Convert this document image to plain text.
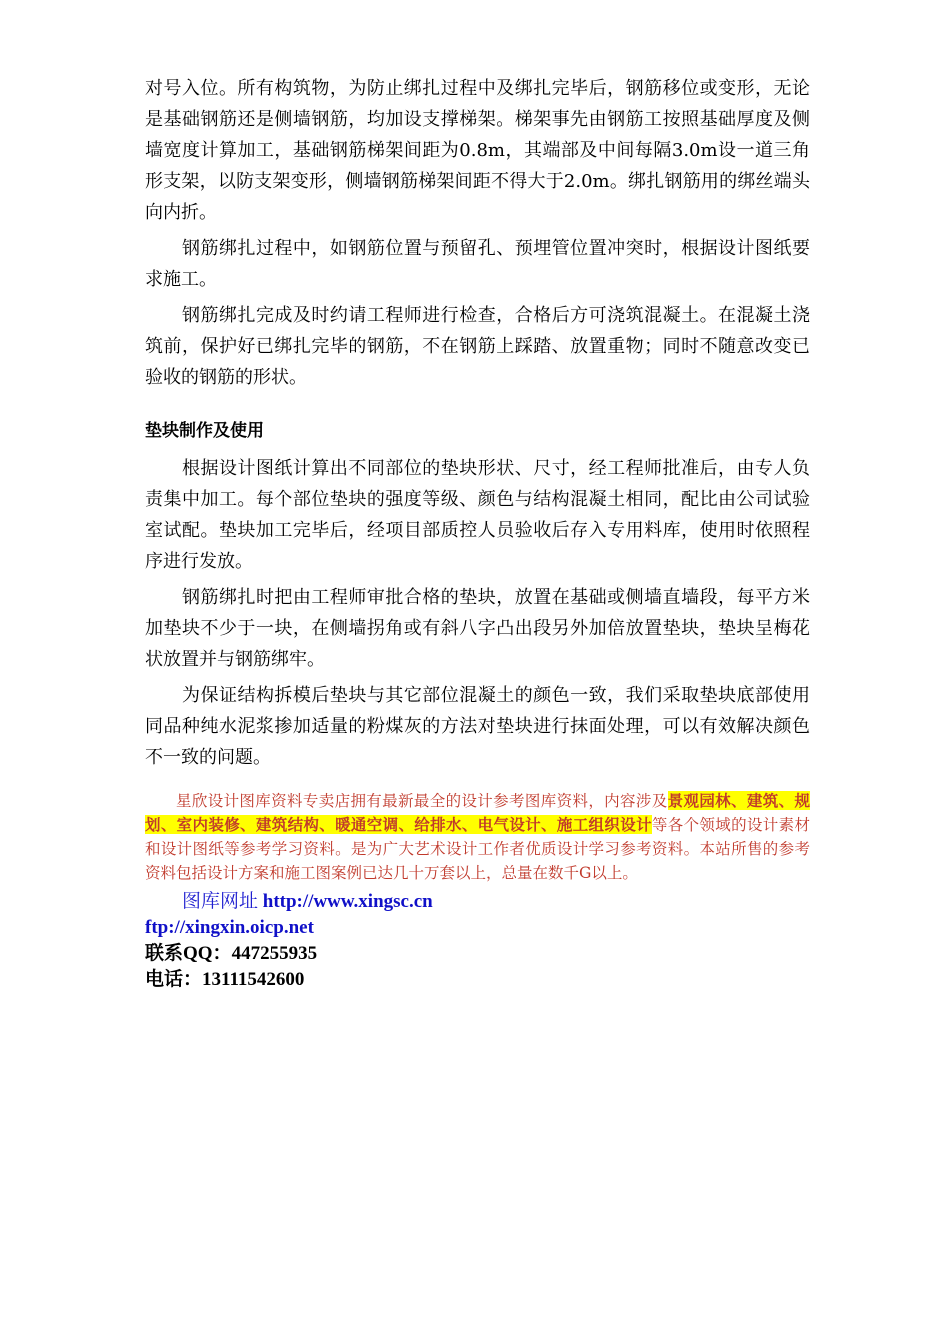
对号入位。所有构筑物，为防止绑扎过程中及绑扎完毕后，钢筋移位或变形，无论是基础钢筋还是侧墙钢筋，均加设支撑梯架。梯架事先由钢筋工按照基础厚度及侧墙宽度计算加工，基础钢筋梯架间距为0.8m，其端部及中间每隔3.0m设一道三角形支架，以防支架变形，侧墙钢筋梯架间距不得大于2.0m。绑扎钢筋用的绑丝端头向内折。

钢筋绑扎过程中，如钢筋位置与预留孔、预埋管位置冲突时，根据设计图纸要求施工。

钢筋绑扎完成及时约请工程师进行检查，合格后方可浇筑混凝土。在混凝土浇筑前，保护好已绑扎完毕的钢筋，不在钢筋上踩踏、放置重物；同时不随意改变已验收的钢筋的形状。

垫块制作及使用

根据设计图纸计算出不同部位的垫块形状、尺寸，经工程师批准后，由专人负责集中加工。每个部位垫块的强度等级、颜色与结构混凝土相同，配比由公司试验室试配。垫块加工完毕后，经项目部质控人员验收后存入专用料库，使用时依照程序进行发放。

钢筋绑扎时把由工程师审批合格的垫块，放置在基础或侧墙直墙段，每平方米加垫块不少于一块，在侧墙拐角或有斜八字凸出段另外加倍放置垫块，垫块呈梅花状放置并与钢筋绑牢。

为保证结构拆模后垫块与其它部位混凝土的颜色一致，我们采取垫块底部使用同品种纯水泥浆掺加适量的粉煤灰的方法对垫块进行抹面处理，可以有效解决颜色不一致的问题。

星欣设计图库资料专卖店拥有最新最全的设计参考图库资料，内容涉及景观园林、建筑、规划、室内装修、建筑结构、暖通空调、给排水、电气设计、施工组织设计等各个领域的设计素材和设计图纸等参考学习资料。是为广大艺术设计工作者优质设计学习参考资料。本站所售的参考资料包括设计方案和施工图案例已达几十万套以上，总量在数千G以上。

图库网址 http://www.xingsc.cn

ftp://xingxin.oicp.net

联系QQ：447255935

电话：13111542600
